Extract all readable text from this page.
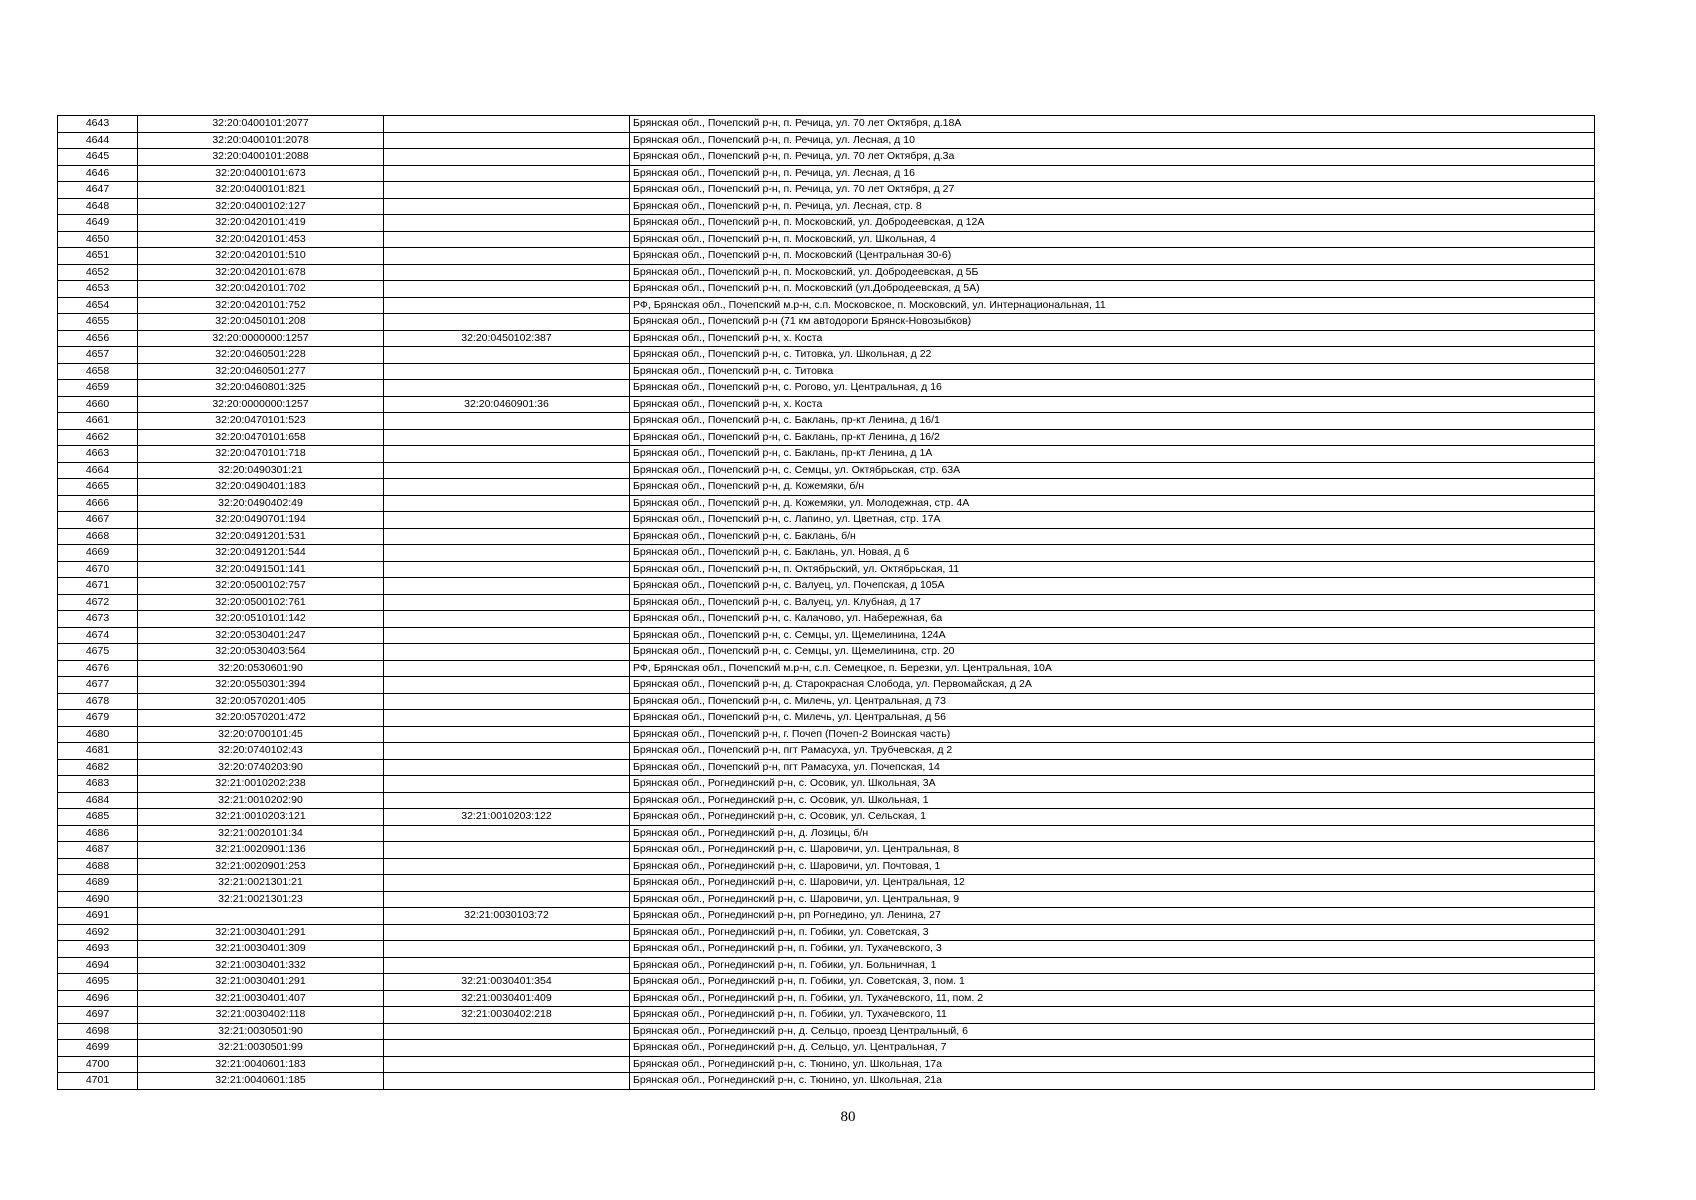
4643	32:20:0400101:2077		Брянская обл., Почепский р-н, п. Речица, ул. 70 лет Октября, д.18А
4644	32:20:0400101:2078		Брянская обл., Почепский р-н, п. Речица, ул. Лесная, д 10
4645	32:20:0400101:2088		Брянская обл., Почепский р-н, п. Речица, ул. 70 лет Октября, д.3а
4646	32:20:0400101:673		Брянская обл., Почепский р-н, п. Речица, ул. Лесная, д 16
4647	32:20:0400101:821		Брянская обл., Почепский р-н, п. Речица, ул. 70 лет Октября, д 27
4648	32:20:0400102:127		Брянская обл., Почепский р-н, п. Речица, ул. Лесная, стр. 8
4649	32:20:0420101:419		Брянская обл., Почепский р-н, п. Московский, ул. Добродеевская, д 12А
4650	32:20:0420101:453		Брянская обл., Почепский р-н, п. Московский, ул. Школьная, 4
4651	32:20:0420101:510		Брянская обл., Почепский р-н, п. Московский (Центральная 30-6)
4652	32:20:0420101:678		Брянская обл., Почепский р-н, п. Московский, ул. Добродеевская, д 5Б
4653	32:20:0420101:702		Брянская обл., Почепский р-н, п. Московский (ул.Добродеевская, д 5А)
4654	32:20:0420101:752		РФ, Брянская обл., Почепский м.р-н, с.п. Московское, п. Московский, ул. Интернациональная, 11
4655	32:20:0450101:208		Брянская обл., Почепский р-н (71 км автодороги Брянск-Новозыбков)
4656	32:20:0000000:1257	32:20:0450102:387	Брянская обл., Почепский р-н, х. Коста
4657	32:20:0460501:228		Брянская обл., Почепский р-н, с. Титовка, ул. Школьная, д 22
4658	32:20:0460501:277		Брянская обл., Почепский р-н, с. Титовка
4659	32:20:0460801:325		Брянская обл., Почепский р-н, с. Рогово, ул. Центральная, д 16
4660	32:20:0000000:1257	32:20:0460901:36	Брянская обл., Почепский р-н, х. Коста
4661	32:20:0470101:523		Брянская обл., Почепский р-н, с. Баклань, пр-кт Ленина, д 16/1
4662	32:20:0470101:658		Брянская обл., Почепский р-н, с. Баклань, пр-кт Ленина, д 16/2
4663	32:20:0470101:718		Брянская обл., Почепский р-н, с. Баклань, пр-кт Ленина, д 1А
4664	32:20:0490301:21		Брянская обл., Почепский р-н, с. Семцы, ул. Октябрьская, стр. 63А
4665	32:20:0490401:183		Брянская обл., Почепский р-н, д. Кожемяки, б/н
4666	32:20:0490402:49		Брянская обл., Почепский р-н, д. Кожемяки, ул. Молодежная, стр. 4А
4667	32:20:0490701:194		Брянская обл., Почепский р-н, с. Лапино, ул. Цветная, стр. 17А
4668	32:20:0491201:531		Брянская обл., Почепский р-н, с. Баклань, б/н
4669	32:20:0491201:544		Брянская обл., Почепский р-н, с. Баклань, ул. Новая, д 6
4670	32:20:0491501:141		Брянская обл., Почепский р-н, п. Октябрьский, ул. Октябрьская, 11
4671	32:20:0500102:757		Брянская обл., Почепский р-н, с. Валуец, ул. Почепская, д 105А
4672	32:20:0500102:761		Брянская обл., Почепский р-н, с. Валуец, ул. Клубная, д 17
4673	32:20:0510101:142		Брянская обл., Почепский р-н, с. Калачово, ул. Набережная, 6а
4674	32:20:0530401:247		Брянская обл., Почепский р-н, с. Семцы, ул. Щемелинина, 124А
4675	32:20:0530403:564		Брянская обл., Почепский р-н, с. Семцы, ул. Щемелинина, стр. 20
4676	32:20:0530601:90		РФ, Брянская обл., Почепский м.р-н, с.п. Семецкое, п. Березки, ул. Центральная, 10А
4677	32:20:0550301:394		Брянская обл., Почепский р-н, д. Старокрасная Слобода, ул. Первомайская, д 2А
4678	32:20:0570201:405		Брянская обл., Почепский р-н, с. Милечь, ул. Центральная, д 73
4679	32:20:0570201:472		Брянская обл., Почепский р-н, с. Милечь, ул. Центральная, д 56
4680	32:20:0700101:45		Брянская обл., Почепский р-н, г. Почеп (Почеп-2 Воинская часть)
4681	32:20:0740102:43		Брянская обл., Почепский р-н, пгт Рамасуха, ул. Трубчевская, д 2
4682	32:20:0740203:90		Брянская обл., Почепский р-н, пгт Рамасуха, ул. Почепская, 14
4683	32:21:0010202:238		Брянская обл., Рогнединский р-н, с. Осовик, ул. Школьная, 3А
4684	32:21:0010202:90		Брянская обл., Рогнединский р-н, с. Осовик, ул. Школьная, 1
4685	32:21:0010203:121	32:21:0010203:122	Брянская обл., Рогнединский р-н, с. Осовик, ул. Сельская, 1
4686	32:21:0020101:34		Брянская обл., Рогнединский р-н, д. Лозицы, б/н
4687	32:21:0020901:136		Брянская обл., Рогнединский р-н, с. Шаровичи, ул. Центральная, 8
4688	32:21:0020901:253		Брянская обл., Рогнединский р-н, с. Шаровичи, ул. Почтовая, 1
4689	32:21:0021301:21		Брянская обл., Рогнединский р-н, с. Шаровичи, ул. Центральная, 12
4690	32:21:0021301:23		Брянская обл., Рогнединский р-н, с. Шаровичи, ул. Центральная, 9
4691		32:21:0030103:72	Брянская обл., Рогнединский р-н, рп Рогнедино, ул. Ленина, 27
4692	32:21:0030401:291		Брянская обл., Рогнединский р-н, п. Гобики, ул. Советская, 3
4693	32:21:0030401:309		Брянская обл., Рогнединский р-н, п. Гобики, ул. Тухачевского, 3
4694	32:21:0030401:332		Брянская обл., Рогнединский р-н, п. Гобики, ул. Больничная, 1
4695	32:21:0030401:291	32:21:0030401:354	Брянская обл., Рогнединский р-н, п. Гобики, ул. Советская, 3, пом. 1
4696	32:21:0030401:407	32:21:0030401:409	Брянская обл., Рогнединский р-н, п. Гобики, ул. Тухачевского, 11, пом. 2
4697	32:21:0030402:118	32:21:0030402:218	Брянская обл., Рогнединский р-н, п. Гобики, ул. Тухачевского, 11
4698	32:21:0030501:90		Брянская обл., Рогнединский р-н, д. Сельцо, проезд Центральный, 6
4699	32:21:0030501:99		Брянская обл., Рогнединский р-н, д. Сельцо, ул. Центральная, 7
4700	32:21:0040601:183		Брянская обл., Рогнединский р-н, с. Тюнино, ул. Школьная, 17а
4701	32:21:0040601:185		Брянская обл., Рогнединский р-н, с. Тюнино, ул. Школьная, 21а
80
